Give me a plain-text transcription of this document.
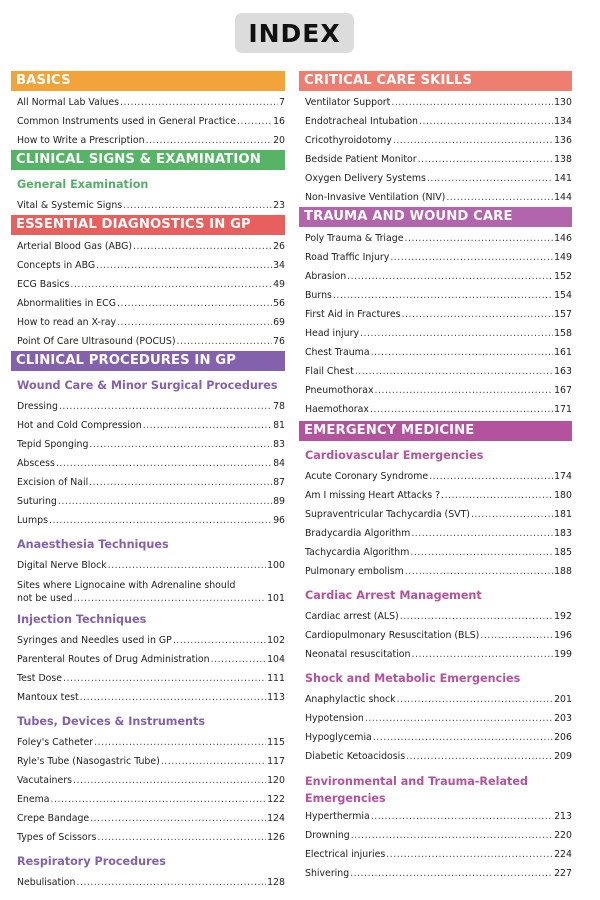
INDEX
BASICS
All Normal Lab Values .....	7
Common Instruments used in General Practice .....	16
How to Write a Prescription .....	20
CLINICAL SIGNS & EXAMINATION
General Examination
Vital & Systemic Signs .....	23
ESSENTIAL DIAGNOSTICS IN GP
Arterial Blood Gas (ABG) .....	26
Concepts in ABG .....	34
ECG Basics .....	49
Abnormalities in ECG .....	56
How to read an X-ray .....	69
Point Of Care Ultrasound (POCUS) .....	76
CLINICAL PROCEDURES IN GP
Wound Care & Minor Surgical Procedures
Dressing .....	78
Hot and Cold Compression .....	81
Tepid Sponging .....	83
Abscess .....	84
Excision of Nail .....	87
Suturing .....	89
Lumps .....	96
Anaesthesia Techniques
Digital Nerve Block .....	100
Sites where Lignocaine with Adrenaline should
not be used .....	101
Injection Techniques
Syringes and Needles used in GP .....	102
Parenteral Routes of Drug Administration .....	104
Test Dose .....	111
Mantoux test .....	113
Tubes, Devices & Instruments
Foley's Catheter .....	115
Ryle's Tube (Nasogastric Tube) .....	117
Vacutainers .....	120
Enema .....	122
Crepe Bandage .....	124
Types of Scissors .....	126
Respiratory Procedures
Nebulisation .....	128
CRITICAL CARE SKILLS
Ventilator Support .....	130
Endotracheal Intubation .....	134
Cricothyroidotomy .....	136
Bedside Patient Monitor .....	138
Oxygen Delivery Systems .....	141
Non-Invasive Ventilation (NIV) .....	144
TRAUMA AND WOUND CARE
Poly Trauma & Triage .....	146
Road Traffic Injury .....	149
Abrasion .....	152
Burns .....	154
First Aid in Fractures .....	157
Head injury .....	158
Chest Trauma .....	161
Flail Chest .....	163
Pneumothorax .....	167
Haemothorax .....	171
EMERGENCY MEDICINE
Cardiovascular Emergencies
Acute Coronary Syndrome .....	174
Am I missing Heart Attacks ? .....	180
Supraventricular Tachycardia (SVT) .....	181
Bradycardia Algorithm .....	183
Tachycardia Algorithm .....	185
Pulmonary embolism .....	188
Cardiac Arrest Management
Cardiac arrest (ALS) .....	192
Cardiopulmonary Resuscitation (BLS) .....	196
Neonatal resuscitation .....	199
Shock and Metabolic Emergencies
Anaphylactic shock .....	201
Hypotension .....	203
Hypoglycemia .....	206
Diabetic Ketoacidosis .....	209
Environmental and Trauma-Related
Emergencies
Hyperthermia .....	213
Drowning .....	220
Electrical injuries .....	224
Shivering .....	227
